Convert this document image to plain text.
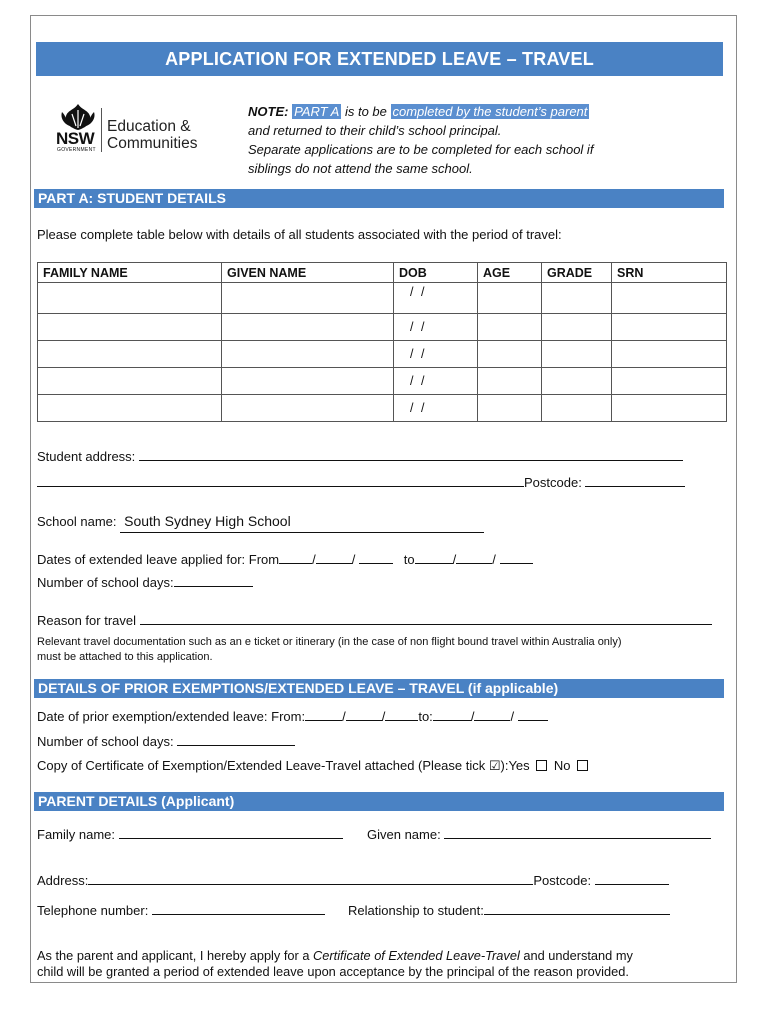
APPLICATION FOR EXTENDED LEAVE – TRAVEL
NSW
GOVERNMENT
Education &
Communities
NOTE: PART A is to be completed by the student’s parent
and returned to their child’s school principal.
Separate applications are to be completed for each school if
siblings do not attend the same school.
PART A: STUDENT DETAILS
Please complete table below with details of all students associated with the period of travel:
FAMILY NAME	GIVEN NAME	DOB	AGE	GRADE	SRN
		/ /			
		/ /			
		/ /			
		/ /			
		/ /			
Student address:
Postcode:
School name: South Sydney High School
Dates of extended leave applied for: From	/	/	to	/	/
Number of school days:
Reason for travel
Relevant travel documentation such as an e ticket or itinerary (in the case of non flight bound travel within Australia only)
must be attached to this application.
DETAILS OF PRIOR EXEMPTIONS/EXTENDED LEAVE – TRAVEL (if applicable)
Date of prior exemption/extended leave: From:	/	/	to:	/	/
Number of school days:
Copy of Certificate of Exemption/Extended Leave-Travel attached (Please tick ☑):Yes No
PARENT DETAILS (Applicant)
Family name:	Given name:
Address:	Postcode:
Telephone number:	Relationship to student:
As the parent and applicant, I hereby apply for a Certificate of Extended Leave-Travel and understand my
child will be granted a period of extended leave upon acceptance by the principal of the reason provided.
